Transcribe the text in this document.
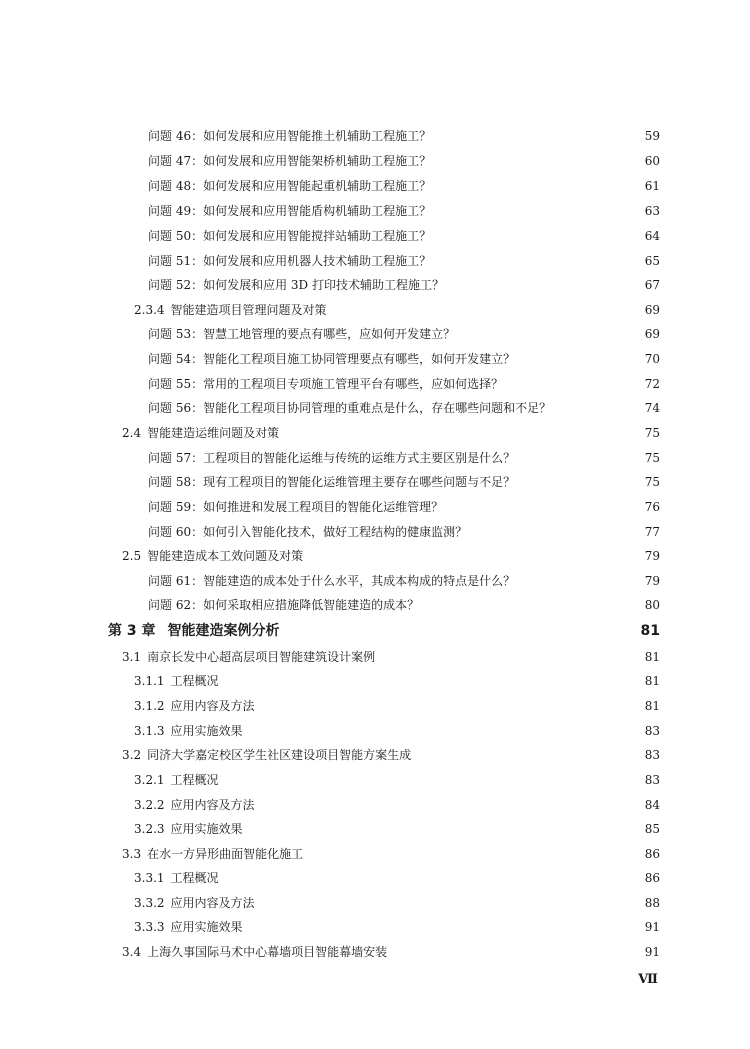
问题 46： 如何发展和应用智能推土机辅助工程施工？	59
问题 47： 如何发展和应用智能架桥机辅助工程施工？	60
问题 48： 如何发展和应用智能起重机辅助工程施工？	61
问题 49： 如何发展和应用智能盾构机辅助工程施工？	63
问题 50： 如何发展和应用智能搅拌站辅助工程施工？	64
问题 51： 如何发展和应用机器人技术辅助工程施工？	65
问题 52： 如何发展和应用 3D 打印技术辅助工程施工？	67
2.3.4 智能建造项目管理问题及对策	69
问题 53： 智慧工地管理的要点有哪些，应如何开发建立？	69
问题 54： 智能化工程项目施工协同管理要点有哪些，如何开发建立？	70
问题 55： 常用的工程项目专项施工管理平台有哪些，应如何选择？	72
问题 56： 智能化工程项目协同管理的重难点是什么，存在哪些问题和不足？	74
2.4 智能建造运维问题及对策	75
问题 57： 工程项目的智能化运维与传统的运维方式主要区别是什么？	75
问题 58： 现有工程项目的智能化运维管理主要存在哪些问题与不足？	75
问题 59： 如何推进和发展工程项目的智能化运维管理？	76
问题 60： 如何引入智能化技术，做好工程结构的健康监测？	77
2.5 智能建造成本工效问题及对策	79
问题 61： 智能建造的成本处于什么水平，其成本构成的特点是什么？	79
问题 62： 如何采取相应措施降低智能建造的成本？	80
第 3 章 智能建造案例分析	81
3.1 南京长发中心超高层项目智能建筑设计案例	81
3.1.1 工程概况	81
3.1.2 应用内容及方法	81
3.1.3 应用实施效果	83
3.2 同济大学嘉定校区学生社区建设项目智能方案生成	83
3.2.1 工程概况	83
3.2.2 应用内容及方法	84
3.2.3 应用实施效果	85
3.3 在水一方异形曲面智能化施工	86
3.3.1 工程概况	86
3.3.2 应用内容及方法	88
3.3.3 应用实施效果	91
3.4 上海久事国际马术中心幕墙项目智能幕墙安装	91
Ⅶ
